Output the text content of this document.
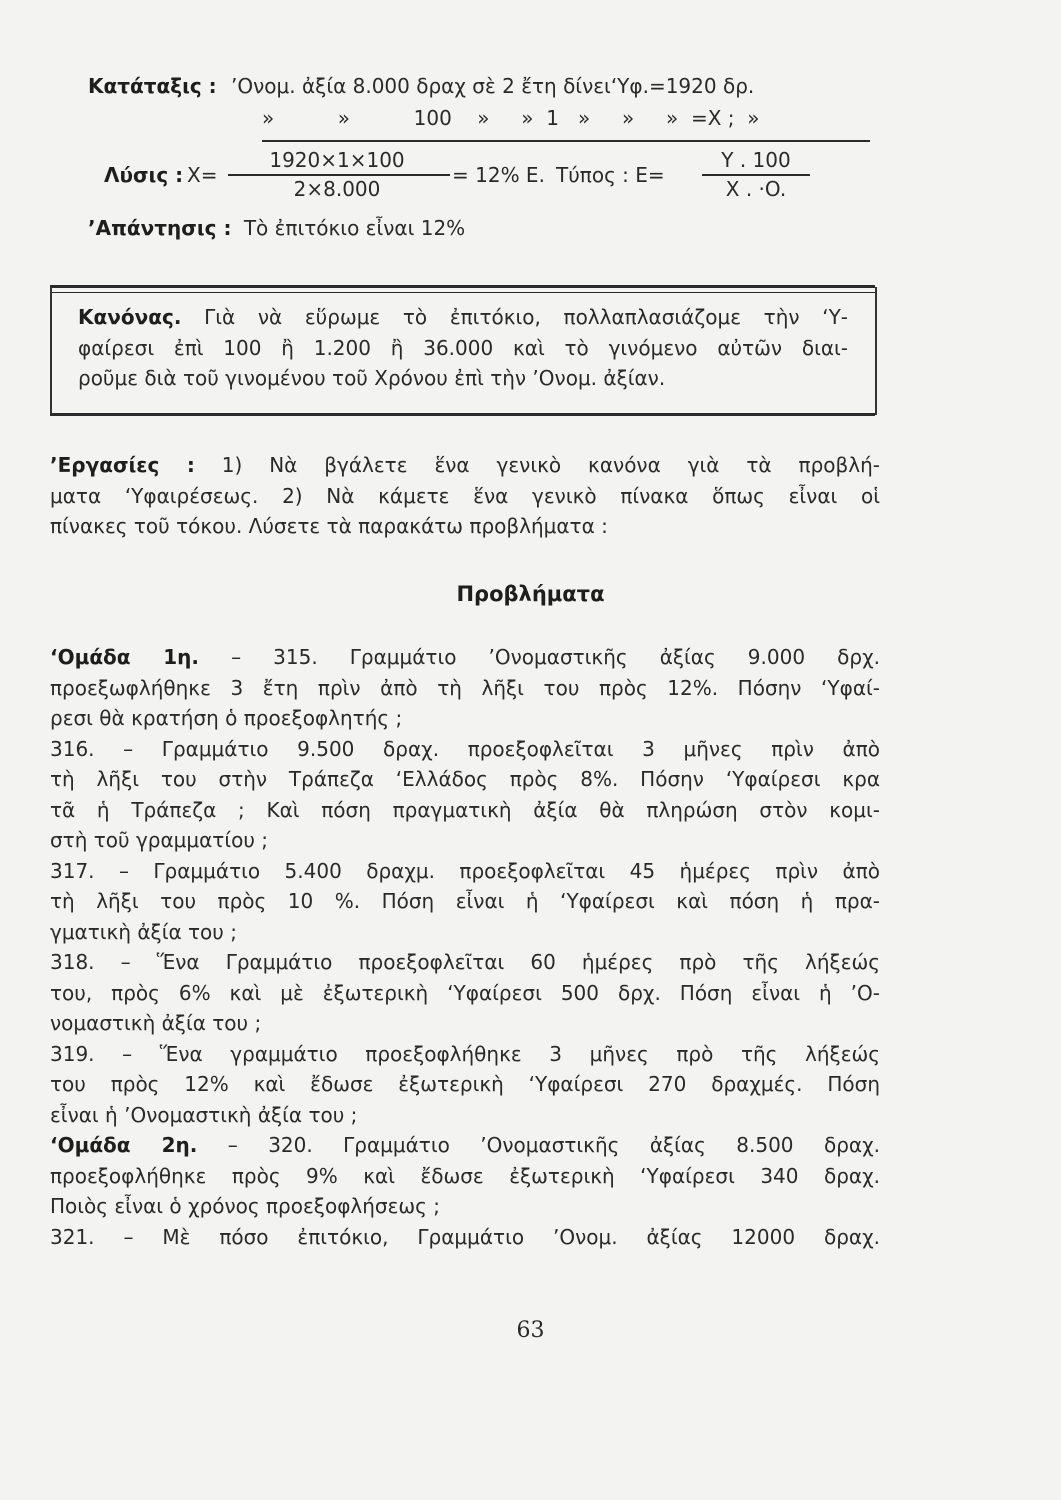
Κατάταξις : ’Ονομ. ἀξία 8.000 δραχ σὲ 2 ἔτη δίνει‘Υφ.=1920 δρ.
»          »          100    »     »  1   »     »     »  =X ;  »
Λύσις : X=
1920×1×100
2×8.000
= 12% E. Τύπος : E=
Y . 100
X . ·O.
’Απάντησις : Τὸ ἐπιτόκιο εἶναι 12%
Κανόνας. Γιὰ νὰ εὕρωμε τὸ ἐπιτόκιο, πολλαπλασιάζομε τὴν ‘Υ-
φαίρεσι ἐπὶ 100 ἢ 1.200 ἢ 36.000 καὶ τὸ γινόμενο αὐτῶν διαι-
ροῦμε διὰ τοῦ γινομένου τοῦ Χρόνου ἐπὶ τὴν ’Ονομ. ἀξίαν.
’Εργασίες : 1) Νὰ βγάλετε ἕνα γενικὸ κανόνα γιὰ τὰ προβλή-
ματα ‘Υφαιρέσεως. 2) Νὰ κάμετε ἕνα γενικὸ πίνακα ὅπως εἶναι οἱ
πίνακες τοῦ τόκου. Λύσετε τὰ παρακάτω προβλήματα :
Προβλήματα
‘Ομάδα 1η. – 315. Γραμμάτιο ’Ονομαστικῆς ἀξίας 9.000 δρχ.
προεξωφλήθηκε 3 ἔτη πρὶν ἀπὸ τὴ λῆξι του πρὸς 12%. Πόσην ‘Υφαί-
ρεσι θὰ κρατήση ὁ προεξοφλητής ;
316. – Γραμμάτιο 9.500 δραχ. προεξοφλεῖται 3 μῆνες πρὶν ἀπὸ
τὴ λῆξι του στὴν Τράπεζα ‘Ελλάδος πρὸς 8%. Πόσην ‘Υφαίρεσι κρα
τᾶ ἡ Τράπεζα ; Καὶ πόση πραγματικὴ ἀξία θὰ πληρώση στὸν κομι-
στὴ τοῦ γραμματίου ;
317. – Γραμμάτιο 5.400 δραχμ. προεξοφλεῖται 45 ἡμέρες πρὶν ἀπὸ
τὴ λῆξι του πρὸς 10 %. Πόση εἶναι ἡ ‘Υφαίρεσι καὶ πόση ἡ πρα-
γματικὴ ἀξία του ;
318. – Ἕνα Γραμμάτιο προεξοφλεῖται 60 ἡμέρες πρὸ τῆς λήξεώς
του, πρὸς 6% καὶ μὲ ἐξωτερικὴ ‘Υφαίρεσι 500 δρχ. Πόση εἶναι ἡ ’Ο-
νομαστικὴ ἀξία του ;
319. – Ἕνα γραμμάτιο προεξοφλήθηκε 3 μῆνες πρὸ τῆς λήξεώς
του πρὸς 12% καὶ ἔδωσε ἐξωτερικὴ ‘Υφαίρεσι 270 δραχμές. Πόση
εἶναι ἡ ’Ονομαστικὴ ἀξία του ;
‘Ομάδα 2η. – 320. Γραμμάτιο ’Ονομαστικῆς ἀξίας 8.500 δραχ.
προεξοφλήθηκε πρὸς 9% καὶ ἔδωσε ἐξωτερικὴ ‘Υφαίρεσι 340 δραχ.
Ποιὸς εἶναι ὁ χρόνος προεξοφλήσεως ;
321. – Μὲ πόσο ἐπιτόκιο, Γραμμάτιο ’Ονομ. ἀξίας 12000 δραχ.
63
